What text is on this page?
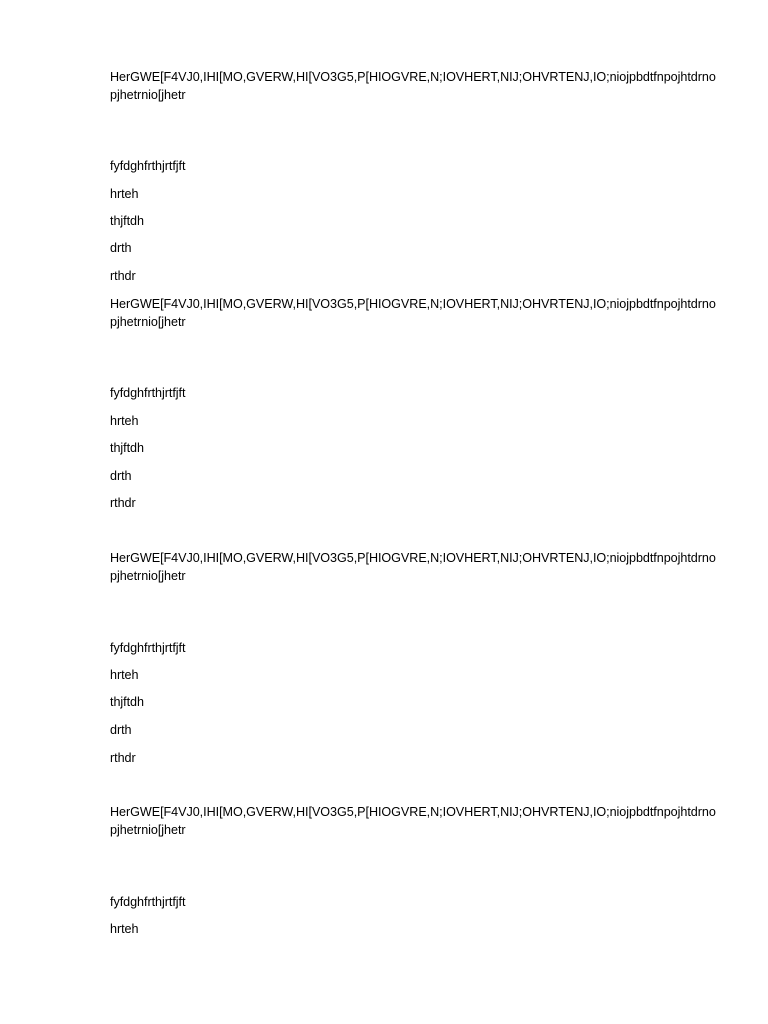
HerGWE[F4VJ0,IHI[MO,GVERW,HI[VO3G5,P[HIOGVRE,N;IOVHERT,NIJ;OHVRTENJ,IO;niojpbdtfnpojhtdrno
pjhetrnio[jhetr

fyfdghfrthjrtfjft

hrteh

thjftdh

drth

rthdr

HerGWE[F4VJ0,IHI[MO,GVERW,HI[VO3G5,P[HIOGVRE,N;IOVHERT,NIJ;OHVRTENJ,IO;niojpbdtfnpojhtdrno
pjhetrnio[jhetr

fyfdghfrthjrtfjft

hrteh

thjftdh

drth

rthdr

HerGWE[F4VJ0,IHI[MO,GVERW,HI[VO3G5,P[HIOGVRE,N;IOVHERT,NIJ;OHVRTENJ,IO;niojpbdtfnpojhtdrno
pjhetrnio[jhetr

fyfdghfrthjrtfjft

hrteh

thjftdh

drth

rthdr

HerGWE[F4VJ0,IHI[MO,GVERW,HI[VO3G5,P[HIOGVRE,N;IOVHERT,NIJ;OHVRTENJ,IO;niojpbdtfnpojhtdrno
pjhetrnio[jhetr

fyfdghfrthjrtfjft

hrteh
